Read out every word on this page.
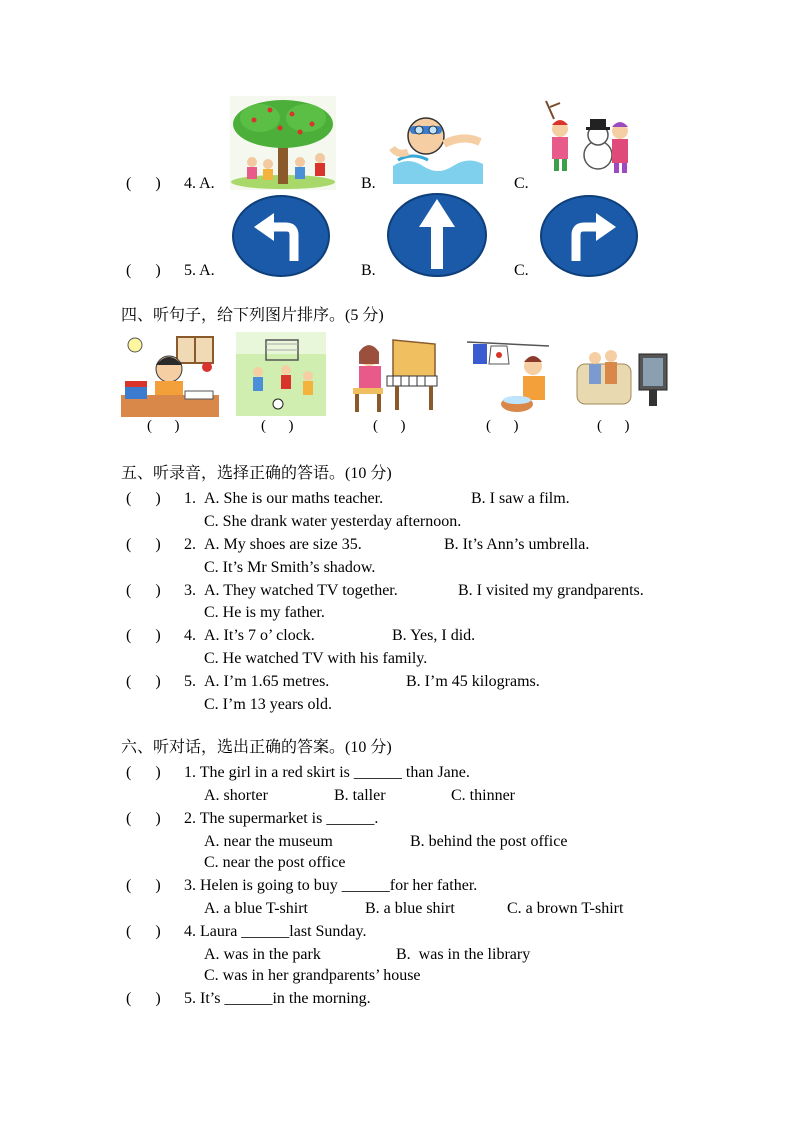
(      ) 4. A.	B.	C.
(      ) 5. A.	B.	C.
四、听句子，给下列图片排序。(5 分)
(      )	(      )	(      )	(      )	(      )
五、听录音，选择正确的答语。(10 分)
(      ) 1. A. She is our maths teacher.	B. I saw a film.
C. She drank water yesterday afternoon.
(      ) 2. A. My shoes are size 35.	B. It’s Ann’s umbrella.
C. It’s Mr Smith’s shadow.
(      ) 3. A. They watched TV together.	B. I visited my grandparents.
C. He is my father.
(      ) 4. A. It’s 7 o’ clock.	B. Yes, I did.
C. He watched TV with his family.
(      ) 5. A. I’m 1.65 metres.	B. I’m 45 kilograms.
C. I’m 13 years old.
六、听对话，选出正确的答案。(10 分)
(      ) 1. The girl in a red skirt is ______ than Jane.
A. shorter	B. taller	C. thinner
(      ) 2. The supermarket is ______.
A. near the museum	B. behind the post office
C. near the post office
(      ) 3. Helen is going to buy ______for her father.
A. a blue T-shirt	B. a blue shirt	C. a brown T-shirt
(      ) 4. Laura ______last Sunday.
A. was in the park	B.  was in the library
C. was in her grandparents’ house
(      ) 5. It’s ______in the morning.
